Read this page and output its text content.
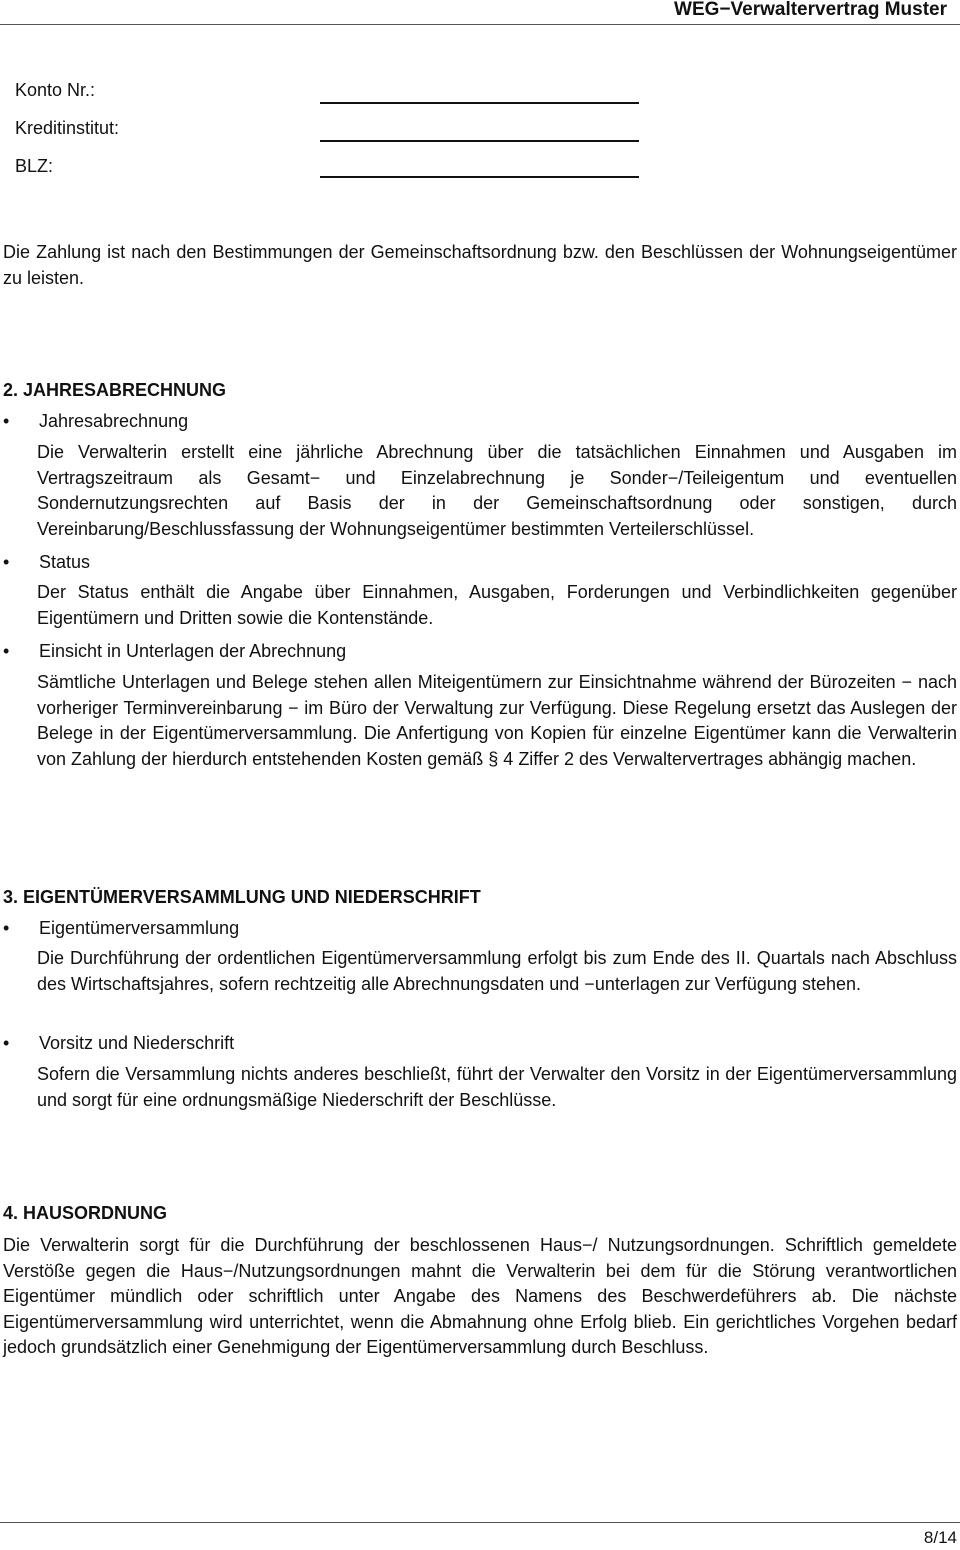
WEG−Verwaltervertrag Muster
Konto Nr.:
Kreditinstitut:
BLZ:

Die Zahlung ist nach den Bestimmungen der Gemeinschaftsordnung bzw. den Beschlüssen der Wohnungseigentümer zu leisten.

2. JAHRESABRECHNUNG
•	Jahresabrechnung

Die Verwalterin erstellt eine jährliche Abrechnung über die tatsächlichen Einnahmen und Ausgaben im Vertragszeitraum als Gesamt− und Einzelabrechnung je Sonder−/Teileigentum und eventuellen Sondernutzungsrechten auf Basis der in der Gemeinschaftsordnung oder sonstigen, durch Vereinbarung/Beschlussfassung der Wohnungseigentümer bestimmten Verteilerschlüssel.

•	Status

Der Status enthält die Angabe über Einnahmen, Ausgaben, Forderungen und Verbindlichkeiten gegenüber Eigentümern und Dritten sowie die Kontenstände.

•	Einsicht in Unterlagen der Abrechnung

Sämtliche Unterlagen und Belege stehen allen Miteigentümern zur Einsichtnahme während der Bürozeiten − nach vorheriger Terminvereinbarung − im Büro der Verwaltung zur Verfügung. Diese Regelung ersetzt das Auslegen der Belege in der Eigentümerversammlung. Die Anfertigung von Kopien für einzelne Eigentümer kann die Verwalterin von Zahlung der hierdurch entstehenden Kosten gemäß § 4 Ziffer 2 des Verwaltervertrages abhängig machen.

3. EIGENTÜMERVERSAMMLUNG UND NIEDERSCHRIFT
•	Eigentümerversammlung

Die Durchführung der ordentlichen Eigentümerversammlung erfolgt bis zum Ende des II. Quartals nach Abschluss des Wirtschaftsjahres, sofern rechtzeitig alle Abrechnungsdaten und −unterlagen zur Verfügung stehen.

•	Vorsitz und Niederschrift

Sofern die Versammlung nichts anderes beschließt, führt der Verwalter den Vorsitz in der Eigentümerversammlung und sorgt für eine ordnungsmäßige Niederschrift der Beschlüsse.

4. HAUSORDNUNG

Die Verwalterin sorgt für die Durchführung der beschlossenen Haus−/ Nutzungsordnungen. Schriftlich gemeldete Verstöße gegen die Haus−/Nutzungsordnungen mahnt die Verwalterin bei dem für die Störung verantwortlichen Eigentümer mündlich oder schriftlich unter Angabe des Namens des Beschwerdeführers ab. Die nächste Eigentümerversammlung wird unterrichtet, wenn die Abmahnung ohne Erfolg blieb. Ein gerichtliches Vorgehen bedarf jedoch grundsätzlich einer Genehmigung der Eigentümerversammlung durch Beschluss.

8/14
